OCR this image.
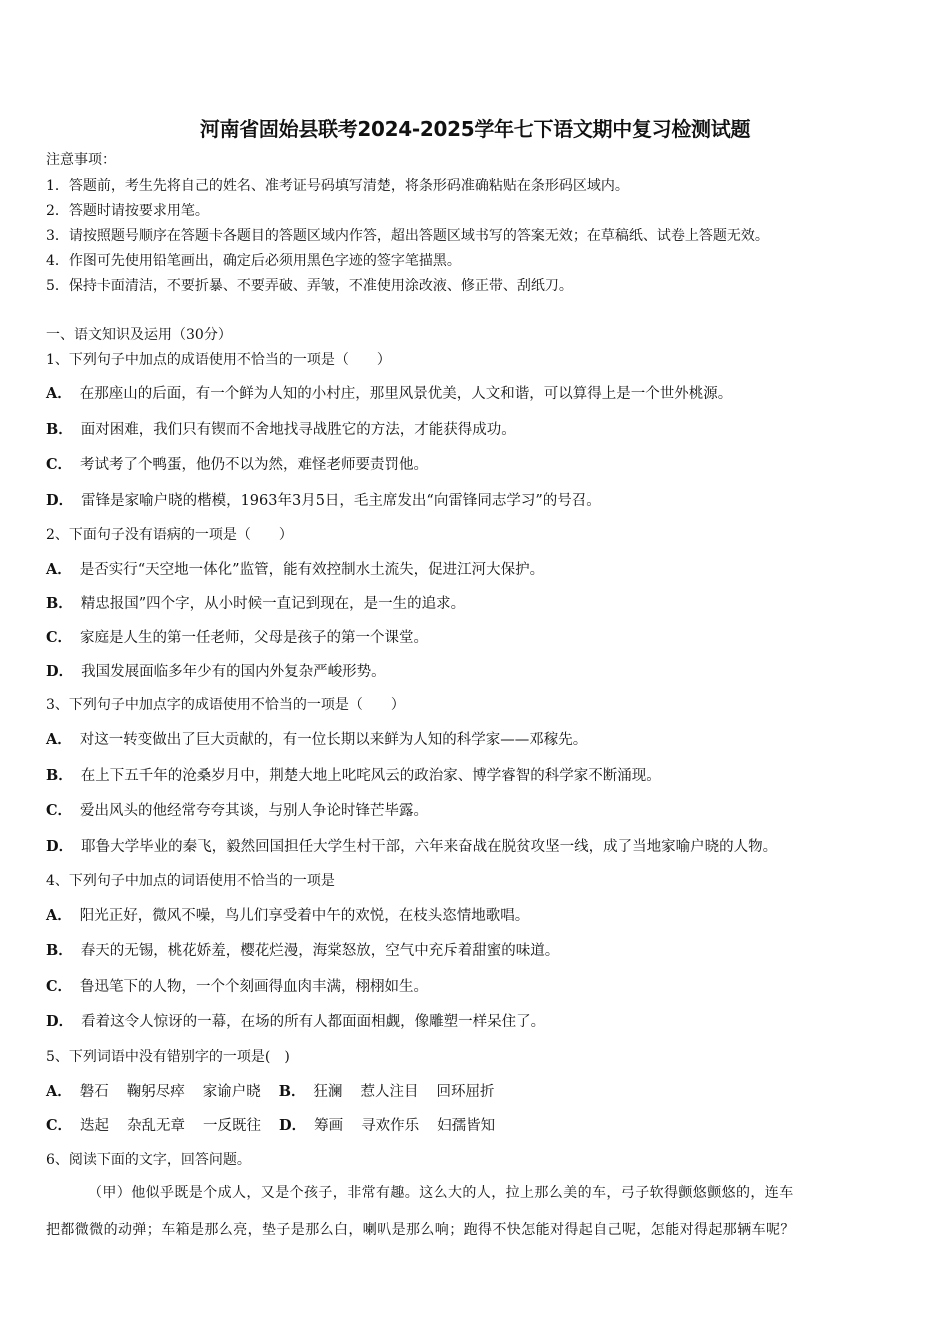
河南省固始县联考2024-2025学年七下语文期中复习检测试题
注意事项：
1．答题前，考生先将自己的姓名、准考证号码填写清楚，将条形码准确粘贴在条形码区域内。
2．答题时请按要求用笔。
3．请按照题号顺序在答题卡各题目的答题区域内作答，超出答题区域书写的答案无效；在草稿纸、试卷上答题无效。
4．作图可先使用铅笔画出，确定后必须用黑色字迹的签字笔描黑。
5．保持卡面清洁，不要折暴、不要弄破、弄皱，不准使用涂改液、修正带、刮纸刀。
一、语文知识及运用（30分）
1、下列句子中加点的成语使用不恰当的一项是（　　）
A． 在那座山的后面，有一个鲜为人知的小村庄，那里风景优美，人文和谐，可以算得上是一个世外桃源。
B． 面对困难，我们只有锲而不舍地找寻战胜它的方法，才能获得成功。
C． 考试考了个鸭蛋，他仍不以为然，难怪老师要责罚他。
D． 雷锋是家喻户晓的楷模，1963年3月5日，毛主席发出“向雷锋同志学习”的号召。
2、下面句子没有语病的一项是（　　）
A． 是否实行“天空地一体化”监管，能有效控制水土流失，促进江河大保护。
B． 精忠报国”四个字，从小时候一直记到现在，是一生的追求。
C． 家庭是人生的第一任老师，父母是孩子的第一个课堂。
D． 我国发展面临多年少有的国内外复杂严峻形势。
3、下列句子中加点字的成语使用不恰当的一项是（　　）
A． 对这一转变做出了巨大贡献的，有一位长期以来鲜为人知的科学家——邓稼先。
B． 在上下五千年的沧桑岁月中，荆楚大地上叱咤风云的政治家、博学睿智的科学家不断涌现。
C． 爱出风头的他经常夸夸其谈，与别人争论时锋芒毕露。
D． 耶鲁大学毕业的秦飞，毅然回国担任大学生村干部，六年来奋战在脱贫攻坚一线，成了当地家喻户晓的人物。
4、下列句子中加点的词语使用不恰当的一项是
A． 阳光正好，微风不噪，鸟儿们享受着中午的欢悦，在枝头恣情地歌唱。
B． 春天的无锡，桃花娇羞，樱花烂漫，海棠怒放，空气中充斥着甜蜜的味道。
C． 鲁迅笔下的人物，一个个刻画得血肉丰满，栩栩如生。
D． 看着这令人惊讶的一幕，在场的所有人都面面相觑，像雕塑一样呆住了。
5、下列词语中没有错别字的一项是(　)
A． 磐石 鞠躬尽瘁 家谕户晓 B． 狂澜 惹人注目 回环屈折
C． 迭起 杂乱无章 一反既往 D． 筹画 寻欢作乐 妇孺皆知
6、阅读下面的文字，回答问题。
（甲）他似乎既是个成人，又是个孩子，非常有趣。这么大的人，拉上那么美的车，弓子软得颤悠颤悠的，连车
把都微微的动弹；车箱是那么亮，垫子是那么白，喇叭是那么响；跑得不快怎能对得起自己呢，怎能对得起那辆车呢？
